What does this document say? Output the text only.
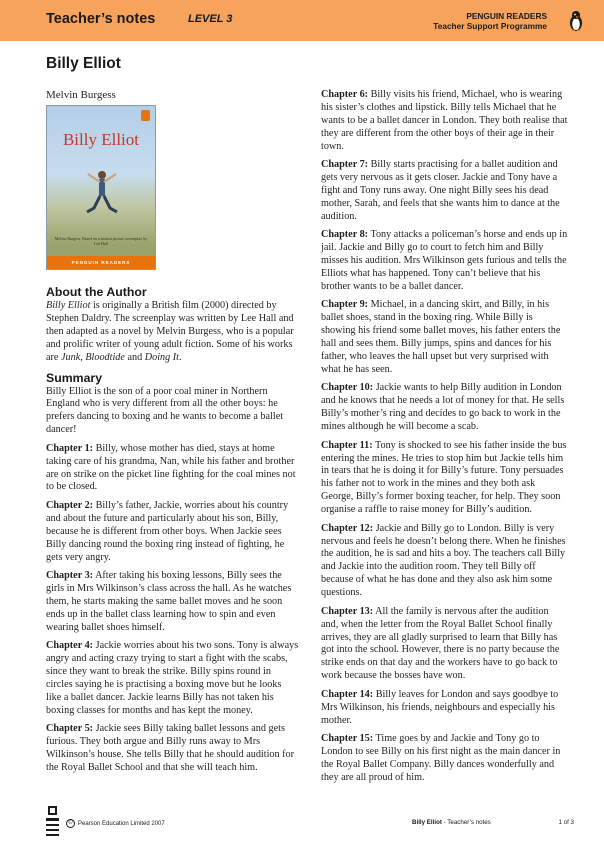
Teacher’s notes	LEVEL 3	PENGUIN READERS
Teacher Support Programme
Billy Elliot
Melvin Burgess
Billy Elliot
Melvin Burgess. Based on a motion picture screenplay by Lee Hall
PENGUIN READERS
About the Author

Billy Elliot is originally a British film (2000) directed by Stephen Daldry. The screenplay was written by Lee Hall and then adapted as a novel by Melvin Burgess, who is a popular and prolific writer of young adult fiction. Some of his works are Junk, Bloodtide and Doing It.

Summary

Billy Elliot is the son of a poor coal miner in Northern England who is very different from all the other boys: he prefers dancing to boxing and he wants to become a ballet dancer!

Chapter 1: Billy, whose mother has died, stays at home taking care of his grandma, Nan, while his father and brother are on strike on the picket line fighting for the coal mines not to be closed.

Chapter 2: Billy’s father, Jackie, worries about his country and about the future and particularly about his son, Billy, because he is different from other boys. When Jackie sees Billy dancing round the boxing ring instead of fighting, he gets very angry.

Chapter 3: After taking his boxing lessons, Billy sees the girls in Mrs Wilkinson’s class across the hall. As he watches them, he starts making the same ballet moves and he soon ends up in the ballet class learning how to spin and even wearing ballet shoes himself.

Chapter 4: Jackie worries about his two sons. Tony is always angry and acting crazy trying to start a fight with the scabs, since they want to break the strike. Billy spins round in circles saying he is practising a boxing move but he looks like a ballet dancer. Jackie learns Billy has not taken his boxing classes for months and has kept the money.

Chapter 5: Jackie sees Billy taking ballet lessons and gets furious. They both argue and Billy runs away to Mrs Wilkinson’s house. She tells Billy that he should audition for the Royal Ballet School and that she will teach him.

Chapter 6: Billy visits his friend, Michael, who is wearing his sister’s clothes and lipstick. Billy tells Michael that he wants to be a ballet dancer in London. They both realise that they are different from the other boys of their age in their town.

Chapter 7: Billy starts practising for a ballet audition and gets very nervous as it gets closer. Jackie and Tony have a fight and Tony runs away. One night Billy sees his dead mother, Sarah, and feels that she wants him to dance at the audition.

Chapter 8: Tony attacks a policeman’s horse and ends up in jail. Jackie and Billy go to court to fetch him and Billy misses his audition. Mrs Wilkinson gets furious and tells the Elliots what has happened. Tony can’t believe that his brother wants to be a ballet dancer.

Chapter 9: Michael, in a dancing skirt, and Billy, in his ballet shoes, stand in the boxing ring. While Billy is showing his friend some ballet moves, his father enters the hall and sees them. Billy jumps, spins and dances for his father, who leaves the hall upset but very surprised with what he has seen.

Chapter 10: Jackie wants to help Billy audition in London and he knows that he needs a lot of money for that. He sells Billy’s mother’s ring and decides to go back to work in the mines although he will become a scab.

Chapter 11: Tony is shocked to see his father inside the bus entering the mines. He tries to stop him but Jackie tells him in tears that he is doing it for Billy’s future. Tony persuades his father not to work in the mines and they both ask George, Billy’s former boxing teacher, for help. They soon organise a raffle to raise money for Billy’s audition.

Chapter 12: Jackie and Billy go to London. Billy is very nervous and feels he doesn’t belong there. When he finishes the audition, he is sad and hits a boy. The teachers call Billy and Jackie into the audition room. They tell Billy off because of what he has done and they also ask him some questions.

Chapter 13: All the family is nervous after the audition and, when the letter from the Royal Ballet School finally arrives, they are all gladly surprised to learn that Billy has got into the school. However, there is no party because the strike ends on that day and the workers have to go back to work because the bosses have won.

Chapter 14: Billy leaves for London and says goodbye to Mrs Wilkinson, his friends, neighbours and especially his mother.

Chapter 15: Time goes by and Jackie and Tony go to London to see Billy on his first night as the main dancer in the Royal Ballet Company. Billy dances wonderfully and they are all proud of him.

© Pearson Education Limited 2007	Billy Elliot - Teacher’s notes	1 of 3
